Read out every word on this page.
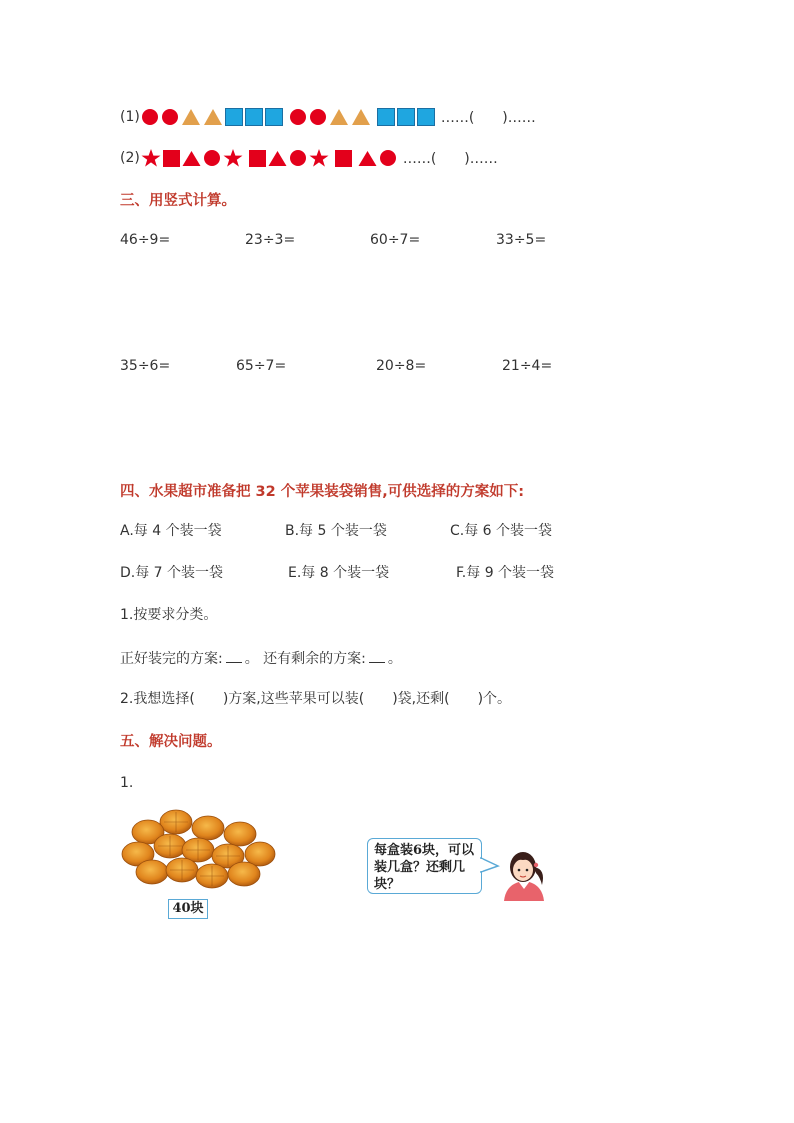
(1)	……(　　)……
(2)	……(　　)……
三、用竖式计算。
46÷9=	23÷3=	60÷7=	33÷5=
35÷6=	65÷7=	20÷8=	21÷4=
四、水果超市准备把 32 个苹果装袋销售,可供选择的方案如下:
A.每 4 个装一袋	B.每 5 个装一袋	C.每 6 个装一袋
D.每 7 个装一袋	E.每 8 个装一袋	F.每 9 个装一袋
1.按要求分类。
正好装完的方案: 。 还有剩余的方案: 。
2.我想选择(　　)方案,这些苹果可以装(　　)袋,还剩(　　)个。
五、解决问题。
1.
40块
每盒装6块，可以装几盒？还剩几块？
